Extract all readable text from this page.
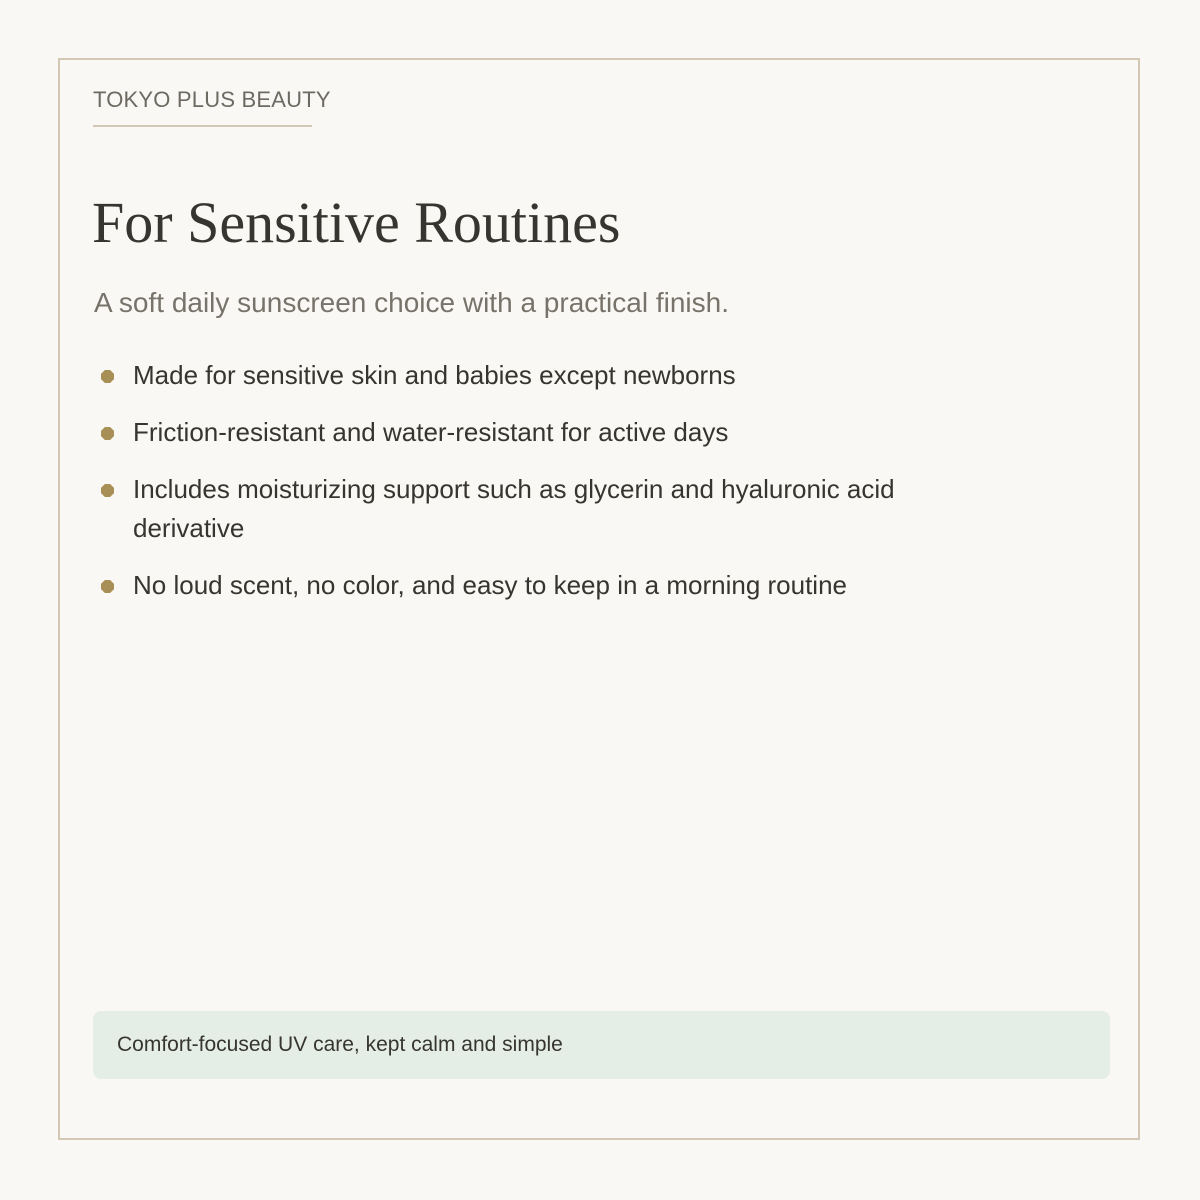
TOKYO PLUS BEAUTY
For Sensitive Routines

A soft daily sunscreen choice with a practical finish.

Made for sensitive skin and babies except newborns
Friction-resistant and water-resistant for active days
Includes moisturizing support such as glycerin and hyaluronic acid derivative
No loud scent, no color, and easy to keep in a morning routine
Comfort-focused UV care, kept calm and simple
